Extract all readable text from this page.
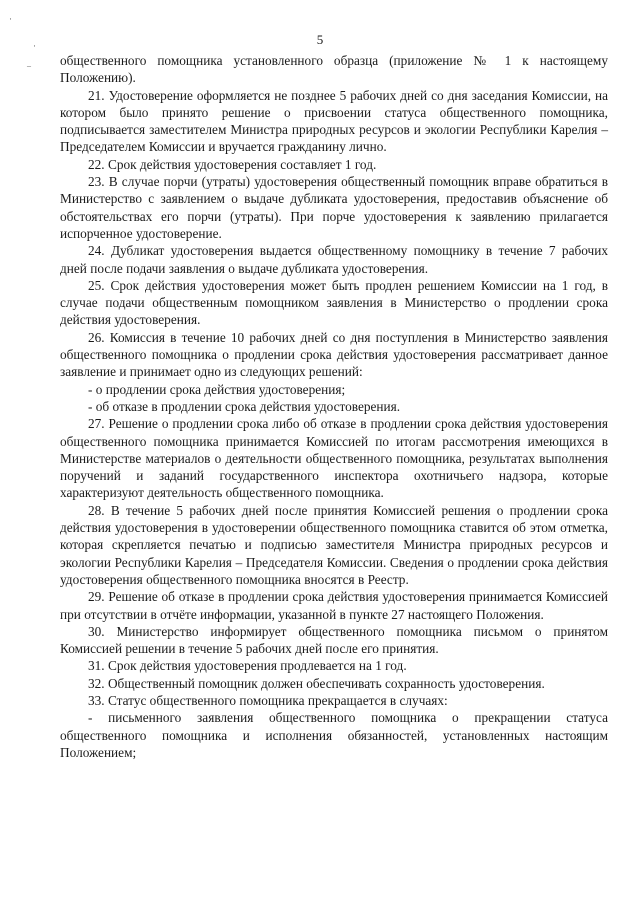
·
·
–
5

общественного помощника установленного образца (приложение № 1 к настоящему Положению).

21. Удостоверение оформляется не позднее 5 рабочих дней со дня заседания Комиссии, на котором было принято решение о присвоении статуса общественного помощника, подписывается заместителем Министра природных ресурсов и экологии Республики Карелия – Председателем Комиссии и вручается гражданину лично.

22. Срок действия удостоверения составляет 1 год.

23. В случае порчи (утраты) удостоверения общественный помощник вправе обратиться в Министерство с заявлением о выдаче дубликата удостоверения, предоставив объяснение об обстоятельствах его порчи (утраты). При порче удостоверения к заявлению прилагается испорченное удостоверение.

24. Дубликат удостоверения выдается общественному помощнику в течение 7 рабочих дней после подачи заявления о выдаче дубликата удостоверения.

25. Срок действия удостоверения может быть продлен решением Комиссии на 1 год, в случае подачи общественным помощником заявления в Министерство о продлении срока действия удостоверения.

26. Комиссия в течение 10 рабочих дней со дня поступления в Министерство заявления общественного помощника о продлении срока действия удостоверения рассматривает данное заявление и принимает одно из следующих решений:

- о продлении срока действия удостоверения;

- об отказе в продлении срока действия удостоверения.

27. Решение о продлении срока либо об отказе в продлении срока действия удостоверения общественного помощника принимается Комиссией по итогам рассмотрения имеющихся в Министерстве материалов о деятельности общественного помощника, результатах выполнения поручений и заданий государственного инспектора охотничьего надзора, которые характеризуют деятельность общественного помощника.

28. В течение 5 рабочих дней после принятия Комиссией решения о продлении срока действия удостоверения в удостоверении общественного помощника ставится об этом отметка, которая скрепляется печатью и подписью заместителя Министра природных ресурсов и экологии Республики Карелия – Председателя Комиссии. Сведения о продлении срока действия удостоверения общественного помощника вносятся в Реестр.

29. Решение об отказе в продлении срока действия удостоверения принимается Комиссией при отсутствии в отчёте информации, указанной в пункте 27 настоящего Положения.

30. Министерство информирует общественного помощника письмом о принятом Комиссией решении в течение 5 рабочих дней после его принятия.

31. Срок действия удостоверения продлевается на 1 год.

32. Общественный помощник должен обеспечивать сохранность удостоверения.

33. Статус общественного помощника прекращается в случаях:

- письменного заявления общественного помощника о прекращении статуса общественного помощника и исполнения обязанностей, установленных настоящим Положением;
